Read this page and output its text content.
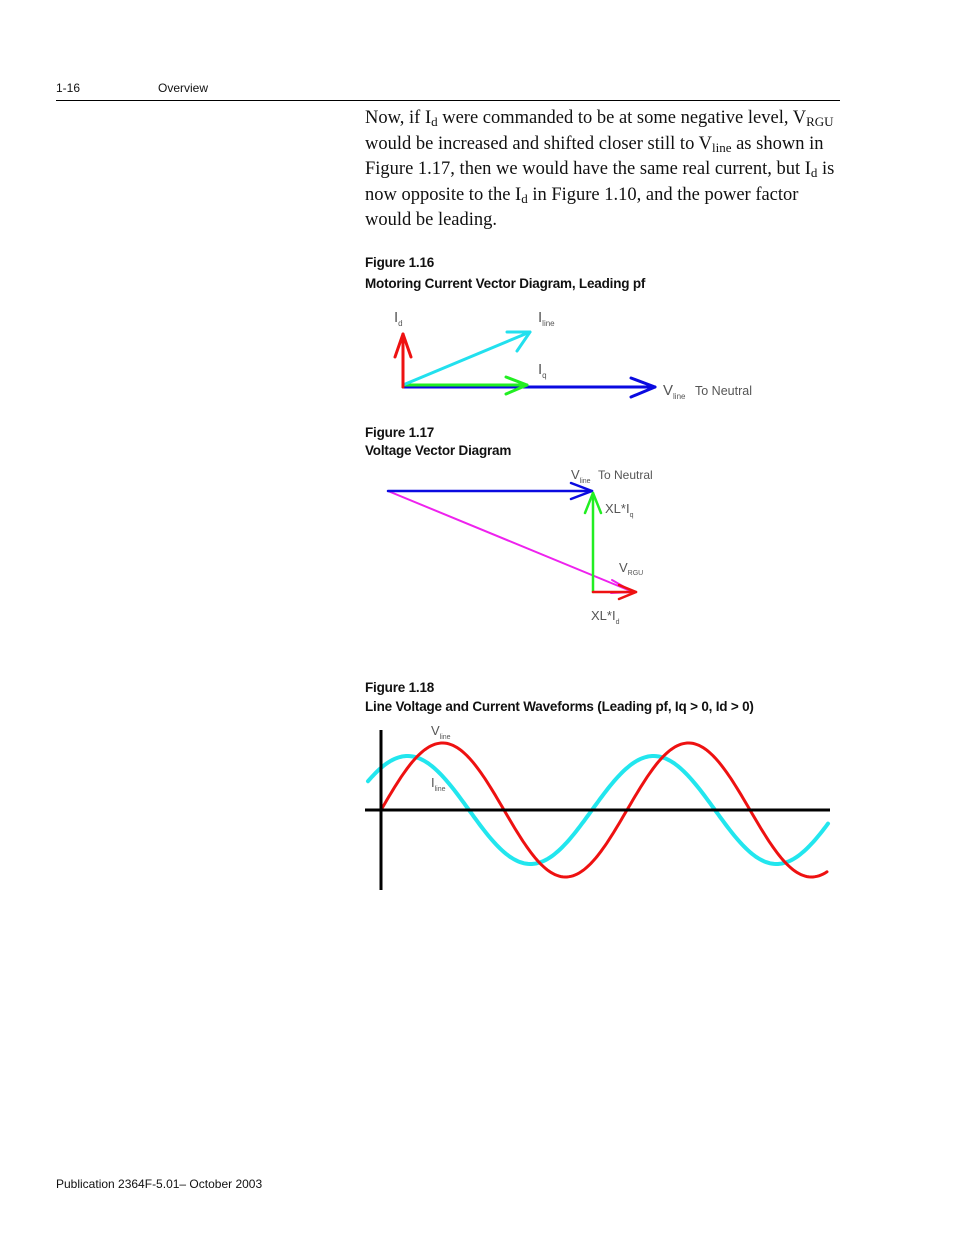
1-16	Overview
Now, if $I_d$ were commanded to be at some negative level, $V_{RGU}$ would be increased and shifted closer still to $V_{line}$ as shown in Figure 1.17, then we would have the same real current, but $I_d$ is now opposite to the $I_d$ in Figure 1.10, and the power factor would be leading.
Figure 1.16
Motoring Current Vector Diagram, Leading pf
Figure 1.17
Voltage Vector Diagram
Figure 1.18
Line Voltage and Current Waveforms (Leading pf, Iq > 0, Id > 0)
$I_d$	$I_{line}$
$I_q$
$V_{line}$ To Neutral
$V_{line}$ To Neutral
$XL*I_q$
$V_{RGU}$
$XL*I_d$
$V_{line}$
$I_{line}$
Publication 2364F-5.01– October 2003
